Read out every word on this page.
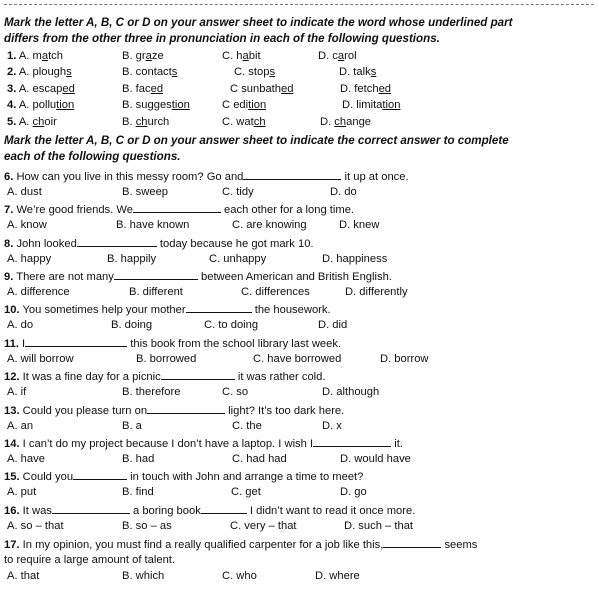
Mark the letter A, B, C or D on your answer sheet to indicate the word whose underlined part
differs from the other three in pronunciation in each of the following questions.
1. A. match	B. graze	C. habit	D. carol
2. A. ploughs	B. contacts	C. stops	D. talks
3. A. escaped	B. faced	C sunbathed	D. fetched
4. A. pollution	B. suggestion	C edition	D. limitation
5. A. choir	B. church	C. watch	D. change
Mark the letter A, B, C or D on your answer sheet to indicate the correct answer to complete
each of the following questions.
6. How can you live in this messy room? Go and	it up at once.
A. dust	B. sweep	C. tidy	D. do
7. We’re good friends. We	each other for a long time.
A. know	B. have known	C. are knowing	D. knew
8. John looked	today because he got mark 10.
A. happy	B. happily	C. unhappy	D. happiness
9. There are not many	between American and British English.
A. difference	B. different	C. differences	D. differently
10. You sometimes help your mother	the housework.
A. do	B. doing	C. to doing	D. did
11. I	this book from the school library last week.
A. will borrow	B. borrowed	C. have borrowed	D. borrow
12. It was a fine day for a picnic	it was rather cold.
A. if	B. therefore	C. so	D. although
13. Could you please turn on	light? It’s too dark here.
A. an	B. a	C. the	D. x
14. I can’t do my project because I don’t have a laptop. I wish I	it.
A. have	B. had	C. had had	D. would have
15. Could you	in touch with John and arrange a time to meet?
A. put	B. find	C. get	D. go
16. It was	a boring book	I didn’t want to read it once more.
A. so – that	B. so – as	C. very – that	D. such – that
17. In my opinion, you must find a really qualified carpenter for a job like this,	seems
to require a large amount of talent.
A. that	B. which	C. who	D. where
